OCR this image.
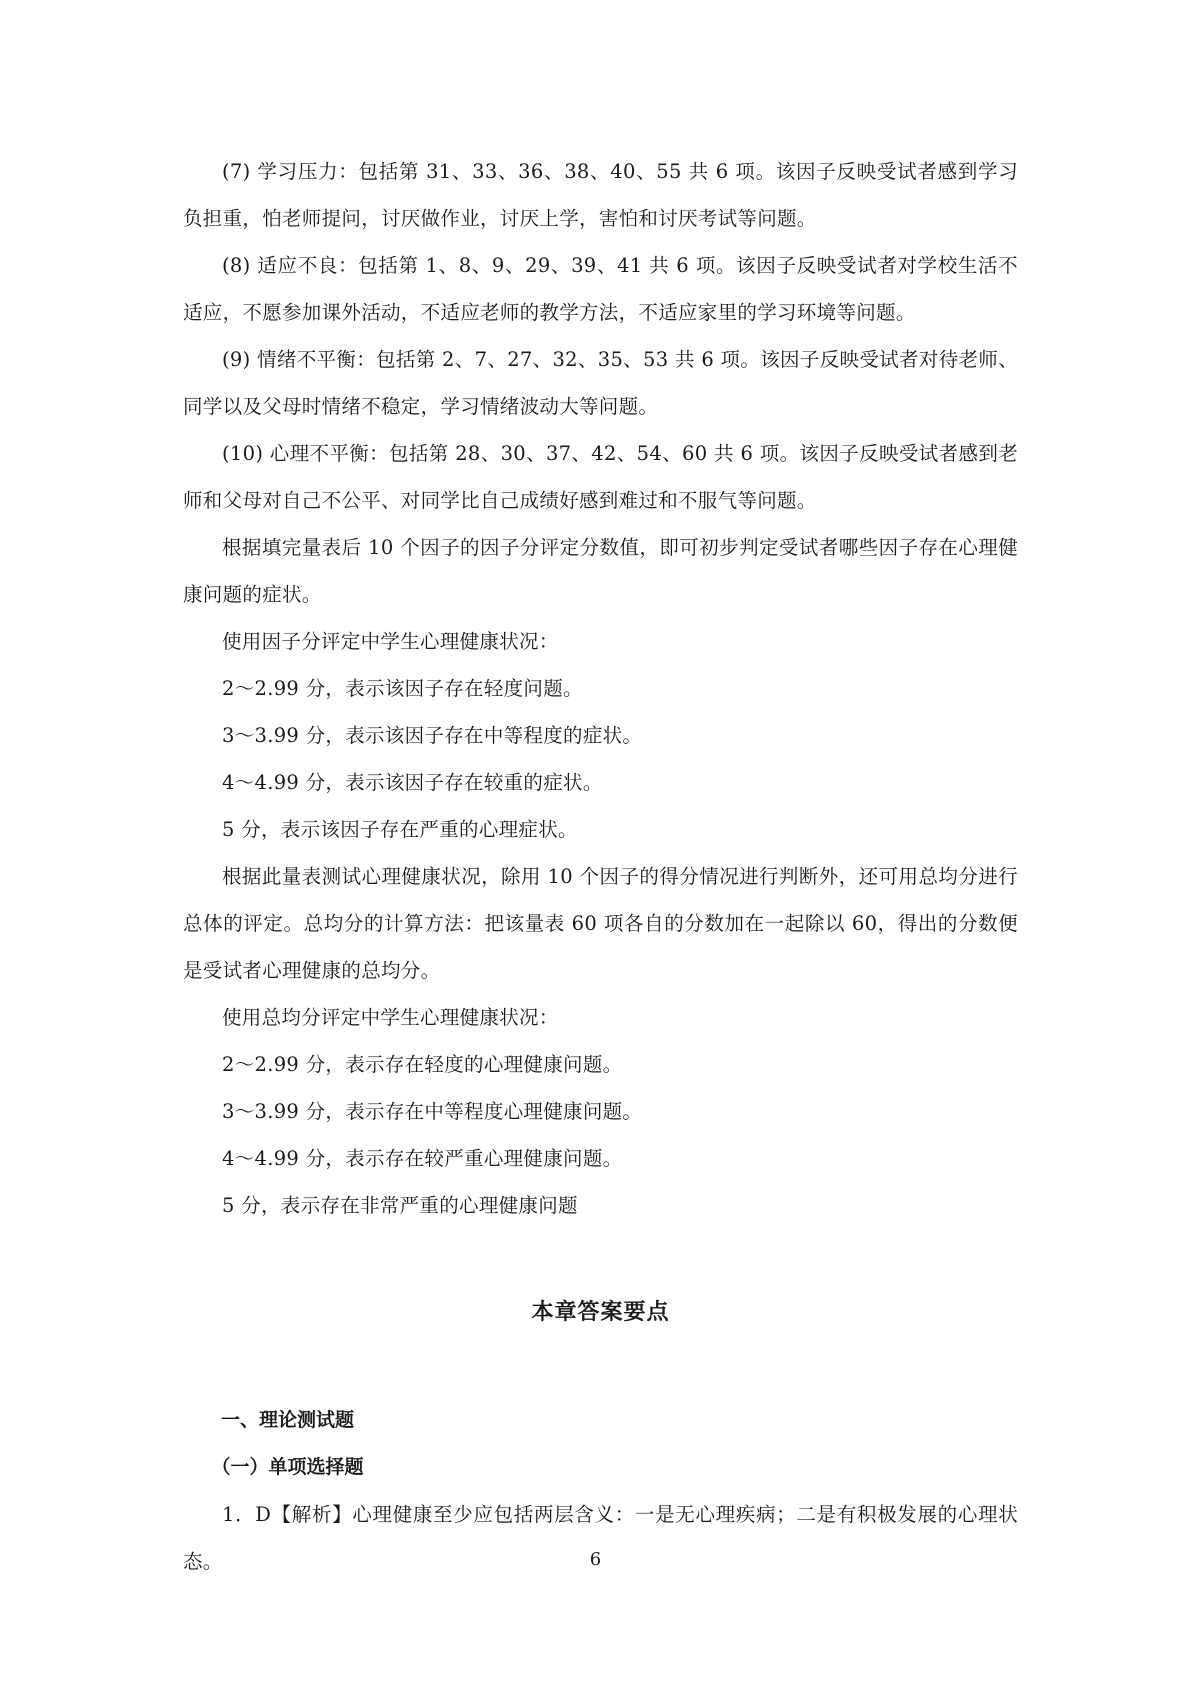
(7) 学习压力：包括第 31、33、36、38、40、55 共 6 项。该因子反映受试者感到学习负担重，怕老师提问，讨厌做作业，讨厌上学，害怕和讨厌考试等问题。

(8) 适应不良：包括第 1、8、9、29、39、41 共 6 项。该因子反映受试者对学校生活不适应，不愿参加课外活动，不适应老师的教学方法，不适应家里的学习环境等问题。

(9) 情绪不平衡：包括第 2、7、27、32、35、53 共 6 项。该因子反映受试者对待老师、同学以及父母时情绪不稳定，学习情绪波动大等问题。

(10) 心理不平衡：包括第 28、30、37、42、54、60 共 6 项。该因子反映受试者感到老师和父母对自己不公平、对同学比自己成绩好感到难过和不服气等问题。

根据填完量表后 10 个因子的因子分评定分数值，即可初步判定受试者哪些因子存在心理健康问题的症状。

使用因子分评定中学生心理健康状况：

2～2.99 分，表示该因子存在轻度问题。

3～3.99 分，表示该因子存在中等程度的症状。

4～4.99 分，表示该因子存在较重的症状。

5 分，表示该因子存在严重的心理症状。

根据此量表测试心理健康状况，除用 10 个因子的得分情况进行判断外，还可用总均分进行总体的评定。总均分的计算方法：把该量表 60 项各自的分数加在一起除以 60，得出的分数便是受试者心理健康的总均分。

使用总均分评定中学生心理健康状况：

2～2.99 分，表示存在轻度的心理健康问题。

3～3.99 分，表示存在中等程度心理健康问题。

4～4.99 分，表示存在较严重心理健康问题。

5 分，表示存在非常严重的心理健康问题

本章答案要点
一、理论测试题
（一）单项选择题

1．D【解析】心理健康至少应包括两层含义：一是无心理疾病；二是有积极发展的心理状态。	6
